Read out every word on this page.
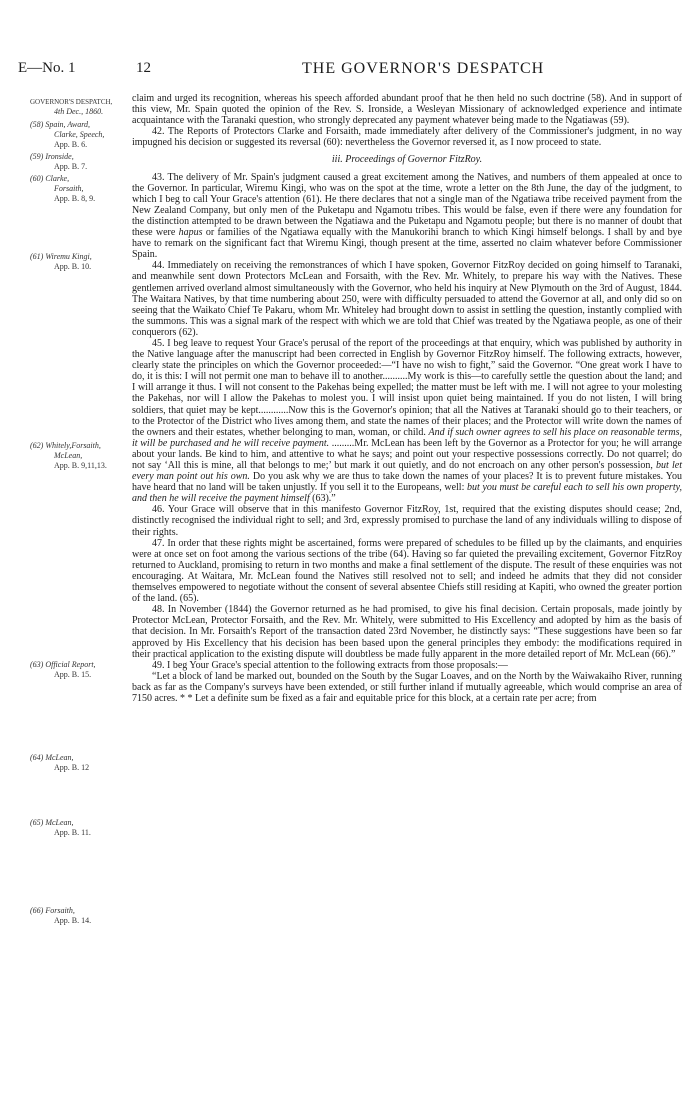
E—No. 1	12	THE GOVERNOR'S DESPATCH
GOVERNOR'S DESPATCH,
4th Dec., 1860.
(58) Spain, Award,
Clarke, Speech,
App. B. 6.
(59) Ironside,
App. B. 7.
(60) Clarke,
Forsaith,
App. B. 8, 9.
(61) Wiremu Kingi,
App. B. 10.
(62) Whitely,Forsaith,
McLean,
App. B. 9,11,13.
(63) Official Report,
App. B. 15.
(64) McLean,
App. B. 12
(65) McLean,
App. B. 11.
(66) Forsaith,
App. B. 14.

claim and urged its recognition, whereas his speech afforded abundant proof that he then held no such doctrine (58). And in support of this view, Mr. Spain quoted the opinion of the Rev. S. Ironside, a Wesleyan Missionary of acknowledged experience and intimate acquaintance with the Taranaki question, who strongly deprecated any payment whatever being made to the Ngatiawas (59).

42. The Reports of Protectors Clarke and Forsaith, made immediately after delivery of the Commissioner's judgment, in no way impugned his decision or suggested its reversal (60): nevertheless the Governor reversed it, as I now proceed to state.

iii. Proceedings of Governor FitzRoy.

43. The delivery of Mr. Spain's judgment caused a great excitement among the Natives, and numbers of them appealed at once to the Governor. In particular, Wiremu Kingi, who was on the spot at the time, wrote a letter on the 8th June, the day of the judgment, to which I beg to call Your Grace's attention (61). He there declares that not a single man of the Ngatiawa tribe received payment from the New Zealand Company, but only men of the Puketapu and Ngamotu tribes. This would be false, even if there were any foundation for the distinction attempted to be drawn between the Ngatiawa and the Puketapu and Ngamotu people; but there is no manner of doubt that these were hapus or families of the Ngatiawa equally with the Manukorihi branch to which Kingi himself belongs. I shall by and bye have to remark on the significant fact that Wiremu Kingi, though present at the time, asserted no claim whatever before Commissioner Spain.

44. Immediately on receiving the remonstrances of which I have spoken, Governor FitzRoy decided on going himself to Taranaki, and meanwhile sent down Protectors McLean and Forsaith, with the Rev. Mr. Whitely, to prepare his way with the Natives. These gentlemen arrived overland almost simultaneously with the Governor, who held his inquiry at New Plymouth on the 3rd of August, 1844. The Waitara Natives, by that time numbering about 250, were with difficulty persuaded to attend the Governor at all, and only did so on seeing that the Waikato Chief Te Pakaru, whom Mr. Whiteley had brought down to assist in settling the question, instantly complied with the summons. This was a signal mark of the respect with which we are told that Chief was treated by the Ngatiawa people, as one of their conquerors (62).

45. I beg leave to request Your Grace's perusal of the report of the proceedings at that enquiry, which was published by authority in the Native language after the manuscript had been corrected in English by Governor FitzRoy himself. The following extracts, however, clearly state the principles on which the Governor proceeded:—“I have no wish to fight,” said the Governor. “One great work I have to do, it is this: I will not permit one man to behave ill to another..........My work is this—to carefully settle the question about the land; and I will arrange it thus. I will not consent to the Pakehas being expelled; the matter must be left with me. I will not agree to your molesting the Pakehas, nor will I allow the Pakehas to molest you. I will insist upon quiet being maintained. If you do not listen, I will bring soldiers, that quiet may be kept............Now this is the Governor's opinion; that all the Natives at Taranaki should go to their teachers, or to the Protector of the District who lives among them, and state the names of their places; and the Protector will write down the names of the owners and their estates, whether belonging to man, woman, or child. And if such owner agrees to sell his place on reasonable terms, it will be purchased and he will receive payment. .........Mr. McLean has been left by the Governor as a Protector for you; he will arrange about your lands. Be kind to him, and attentive to what he says; and point out your respective possessions correctly. Do not quarrel; do not say ‘All this is mine, all that belongs to me;’ but mark it out quietly, and do not encroach on any other person's possession, but let every man point out his own. Do you ask why we are thus to take down the names of your places? It is to prevent future mistakes. You have heard that no land will be taken unjustly. If you sell it to the Europeans, well: but you must be careful each to sell his own property, and then he will receive the payment himself (63).”

46. Your Grace will observe that in this manifesto Governor FitzRoy, 1st, required that the existing disputes should cease; 2nd, distinctly recognised the individual right to sell; and 3rd, expressly promised to purchase the land of any individuals willing to dispose of their rights.

47. In order that these rights might be ascertained, forms were prepared of schedules to be filled up by the claimants, and enquiries were at once set on foot among the various sections of the tribe (64). Having so far quieted the prevailing excitement, Governor FitzRoy returned to Auckland, promising to return in two months and make a final settlement of the dispute. The result of these enquiries was not encouraging. At Waitara, Mr. McLean found the Natives still resolved not to sell; and indeed he admits that they did not consider themselves empowered to negotiate without the consent of several absentee Chiefs still residing at Kapiti, who owned the greater portion of the land. (65).

48. In November (1844) the Governor returned as he had promised, to give his final decision. Certain proposals, made jointly by Protector McLean, Protector Forsaith, and the Rev. Mr. Whitely, were submitted to His Excellency and adopted by him as the basis of that decision. In Mr. Forsaith's Report of the transaction dated 23rd November, he distinctly says: “These suggestions have been so far approved by His Excellency that his decision has been based upon the general principles they embody: the modifications required in their practical application to the existing dispute will doubtless be made fully apparent in the more detailed report of Mr. McLean (66).”

49. I beg Your Grace's special attention to the following extracts from those proposals:—

“Let a block of land be marked out, bounded on the South by the Sugar Loaves, and on the North by the Waiwakaiho River, running back as far as the Company's surveys have been extended, or still further inland if mutually agreeable, which would comprise an area of 7150 acres. * * Let a definite sum be fixed as a fair and equitable price for this block, at a certain rate per acre; from
